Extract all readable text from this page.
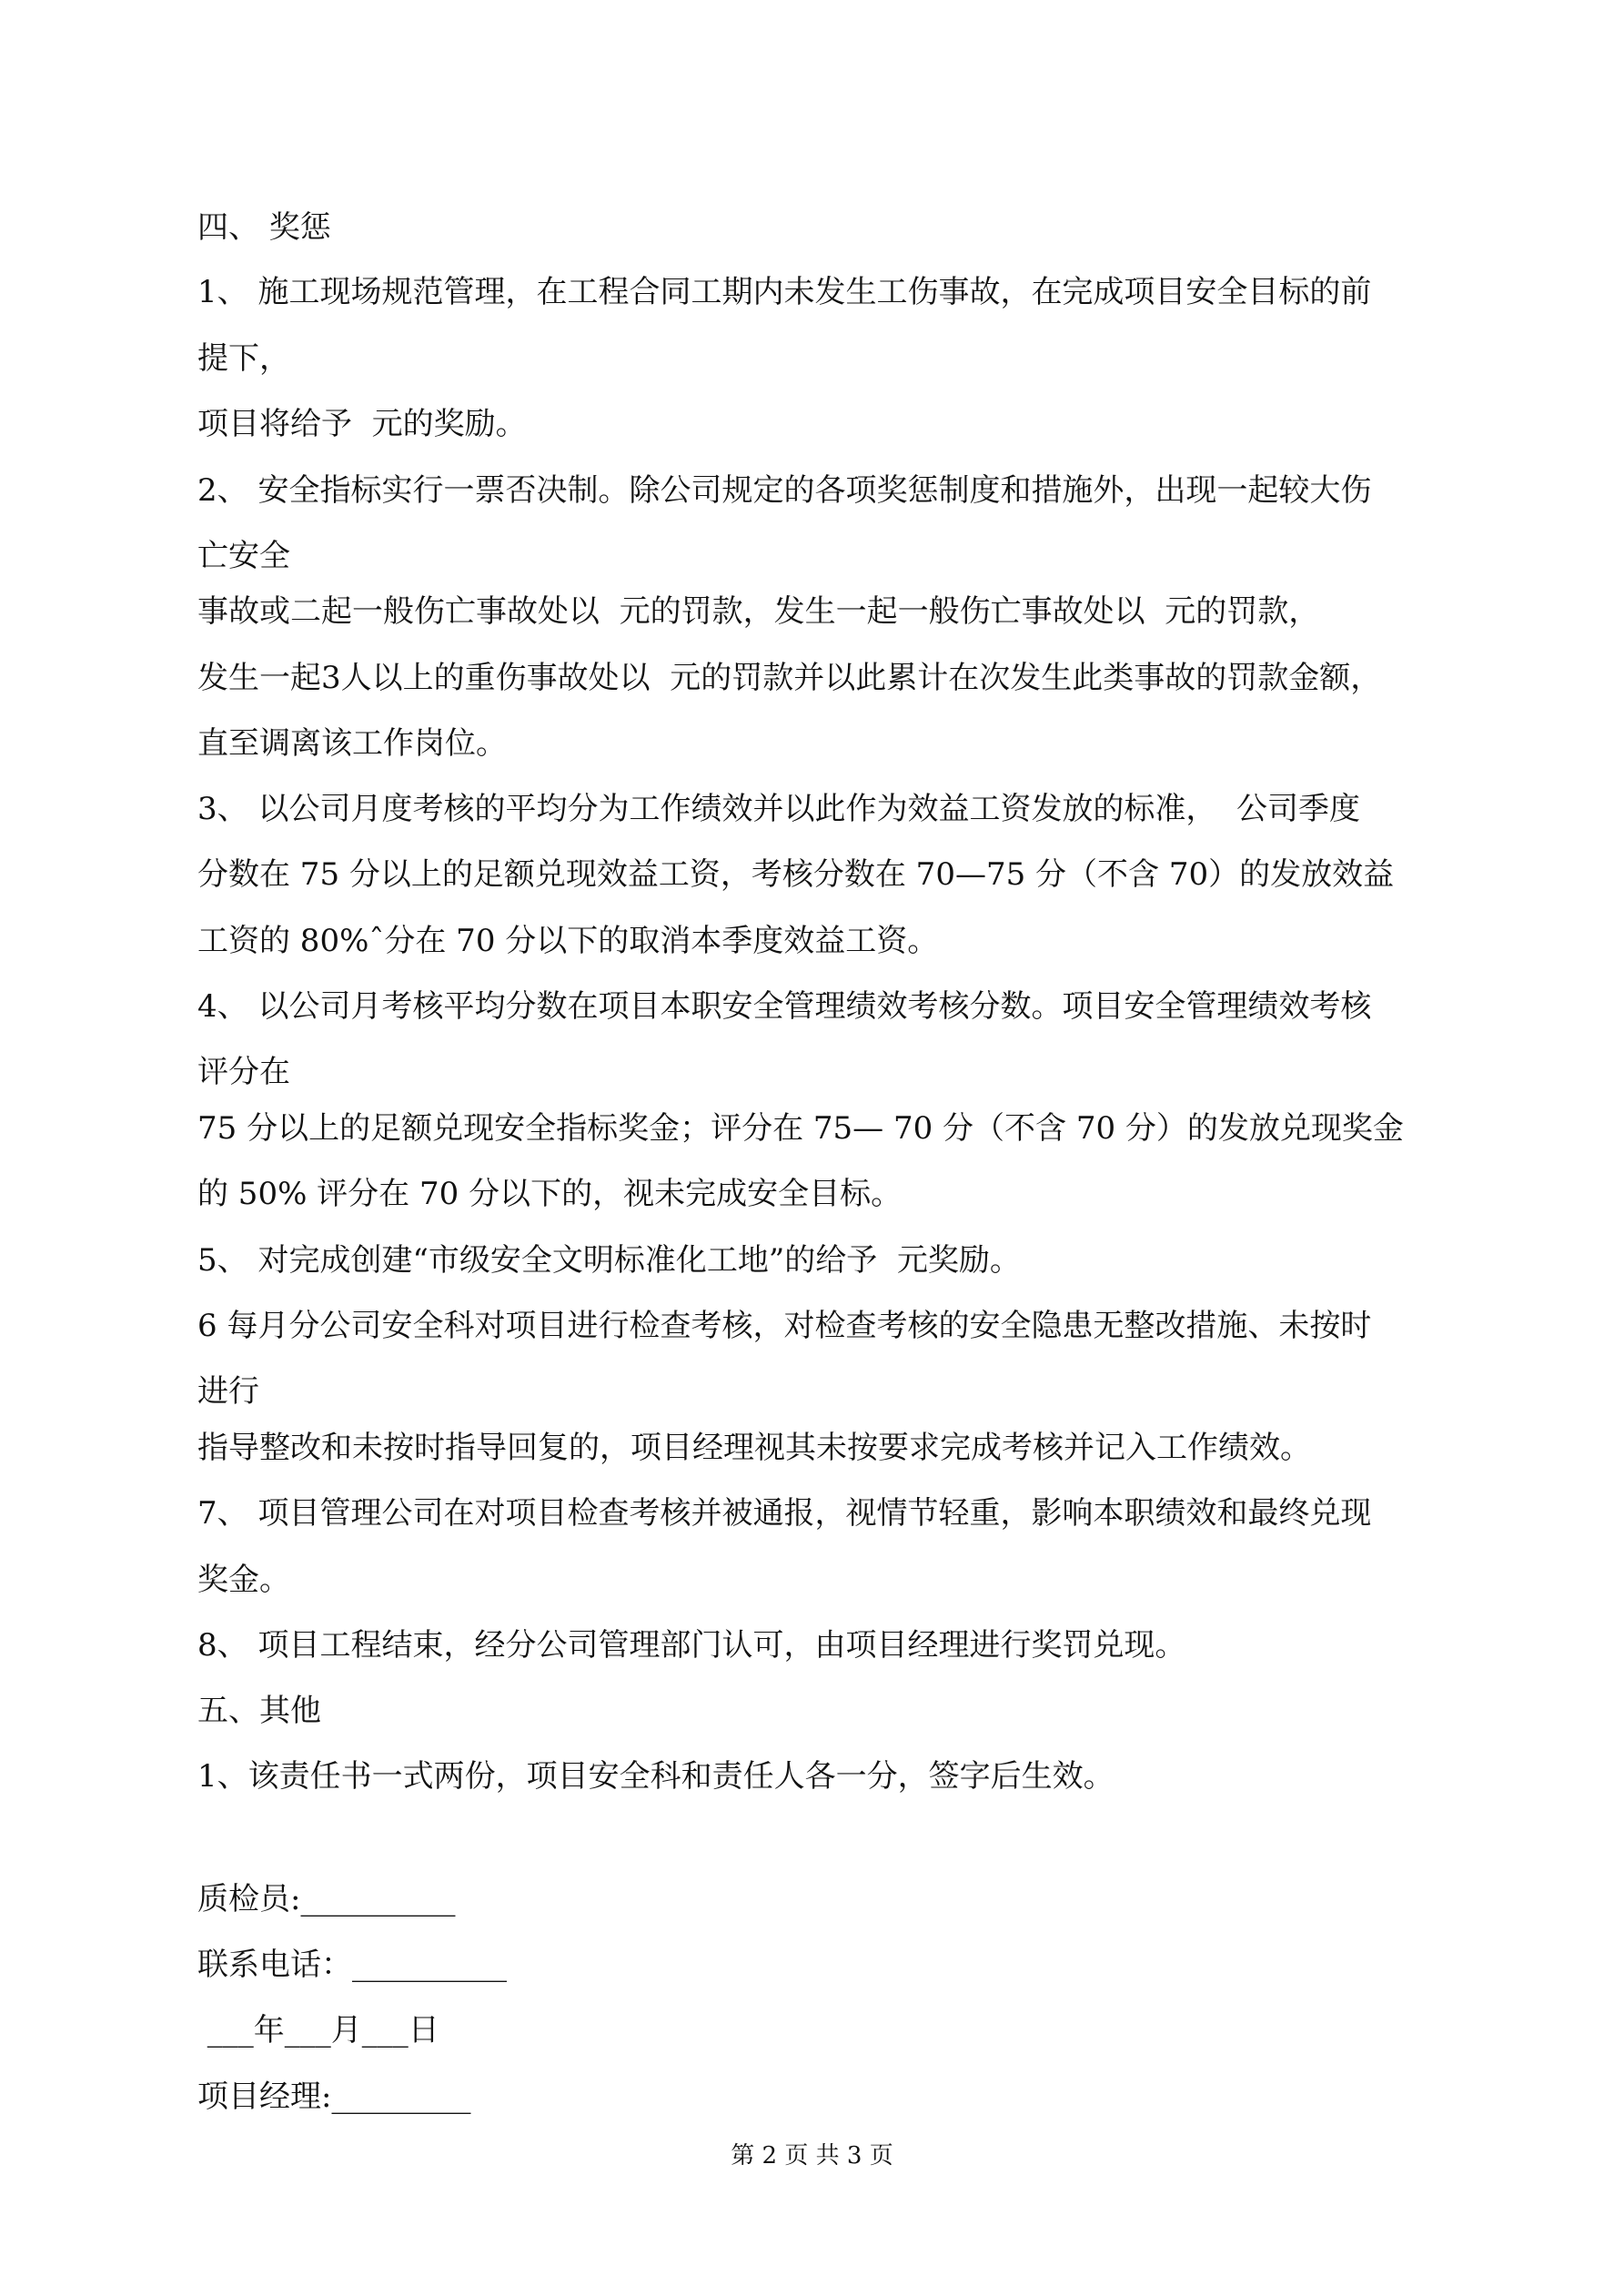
四、 奖惩
1、 施工现场规范管理，在工程合同工期内未发生工伤事故，在完成项目安全目标的前
提下，
项目将给予  元的奖励。
2、 安全指标实行一票否决制。除公司规定的各项奖惩制度和措施外，出现一起较大伤
亡安全
事故或二起一般伤亡事故处以  元的罚款，发生一起一般伤亡事故处以  元的罚款，
发生一起3人以上的重伤事故处以  元的罚款并以此累计在次发生此类事故的罚款金额，
直至调离该工作岗位。
3、 以公司月度考核的平均分为工作绩效并以此作为效益工资发放的标准，  公司季度
分数在 75 分以上的足额兑现效益工资，考核分数在 70—75 分（不含 70）的发放效益
工资的 80%ˆ分在 70 分以下的取消本季度效益工资。
4、 以公司月考核平均分数在项目本职安全管理绩效考核分数。项目安全管理绩效考核
评分在
75 分以上的足额兑现安全指标奖金；评分在 75— 70 分（不含 70 分）的发放兑现奖金
的 50% 评分在 70 分以下的，视未完成安全目标。
5、 对完成创建“市级安全文明标准化工地”的给予  元奖励。
6 每月分公司安全科对项目进行检查考核，对检查考核的安全隐患无整改措施、未按时
进行
指导整改和未按时指导回复的，项目经理视其未按要求完成考核并记入工作绩效。
7、 项目管理公司在对项目检查考核并被通报，视情节轻重，影响本职绩效和最终兑现
奖金。
8、 项目工程结束，经分公司管理部门认可，由项目经理进行奖罚兑现。
五、其他
1、该责任书一式两份，项目安全科和责任人各一分，签字后生效。
质检员:__________
联系电话：__________
___年___月___日
项目经理:_________
第 2 页 共 3 页
